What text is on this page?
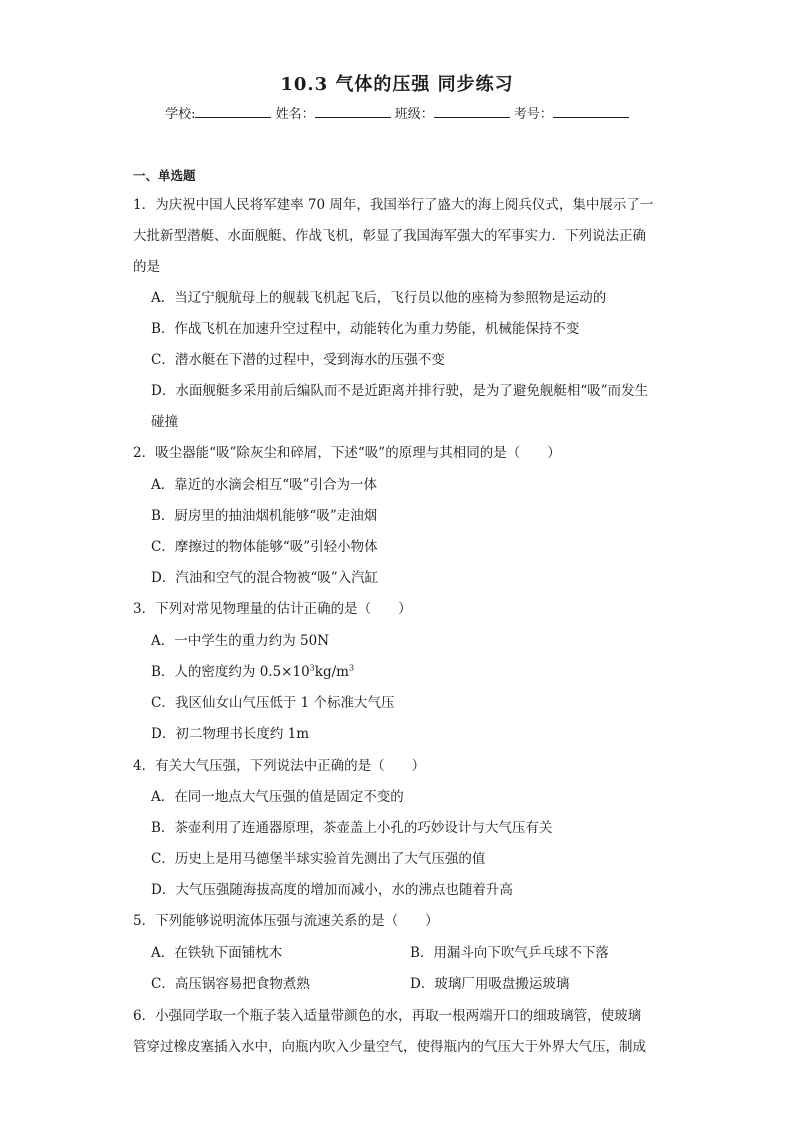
10.3 气体的压强 同步练习
学校:	姓名：	班级：	考号：
一、单选题
1．为庆祝中国人民将军建率 70 周年，我国举行了盛大的海上阅兵仪式，集中展示了一
大批新型潜艇、水面舰艇、作战飞机，彰显了我国海军强大的军事实力．下列说法正确
的是
A．当辽宁舰航母上的舰载飞机起飞后，飞行员以他的座椅为参照物是运动的
B．作战飞机在加速升空过程中，动能转化为重力势能，机械能保持不变
C．潜水艇在下潜的过程中，受到海水的压强不变
D．水面舰艇多采用前后编队而不是近距离并排行驶，是为了避免舰艇相“吸”而发生
碰撞
2．吸尘器能“吸”除灰尘和碎屑，下述“吸”的原理与其相同的是（　　）
A．靠近的水滴会相互“吸”引合为一体
B．厨房里的抽油烟机能够“吸”走油烟
C．摩擦过的物体能够“吸”引轻小物体
D．汽油和空气的混合物被“吸”入汽缸
3．下列对常见物理量的估计正确的是（　　）
A．一中学生的重力约为 50N
B．人的密度约为 $0.5\times 10^3kg/m^3$
C．我区仙女山气压低于 1 个标准大气压
D．初二物理书长度约 1m
4．有关大气压强，下列说法中正确的是（　　）
A．在同一地点大气压强的值是固定不变的
B．茶壶利用了连通器原理，茶壶盖上小孔的巧妙设计与大气压有关
C．历史上是用马德堡半球实验首先测出了大气压强的值
D．大气压强随海拔高度的增加而减小，水的沸点也随着升高
5．下列能够说明流体压强与流速关系的是（　　）
A．在铁轨下面铺枕木	B．用漏斗向下吹气乒乓球不下落
C．高压锅容易把食物煮熟	D．玻璃厂用吸盘搬运玻璃
6．小强同学取一个瓶子装入适量带颜色的水，再取一根两端开口的细玻璃管，使玻璃
管穿过橡皮塞插入水中，向瓶内吹入少量空气，使得瓶内的气压大于外界大气压，制成
